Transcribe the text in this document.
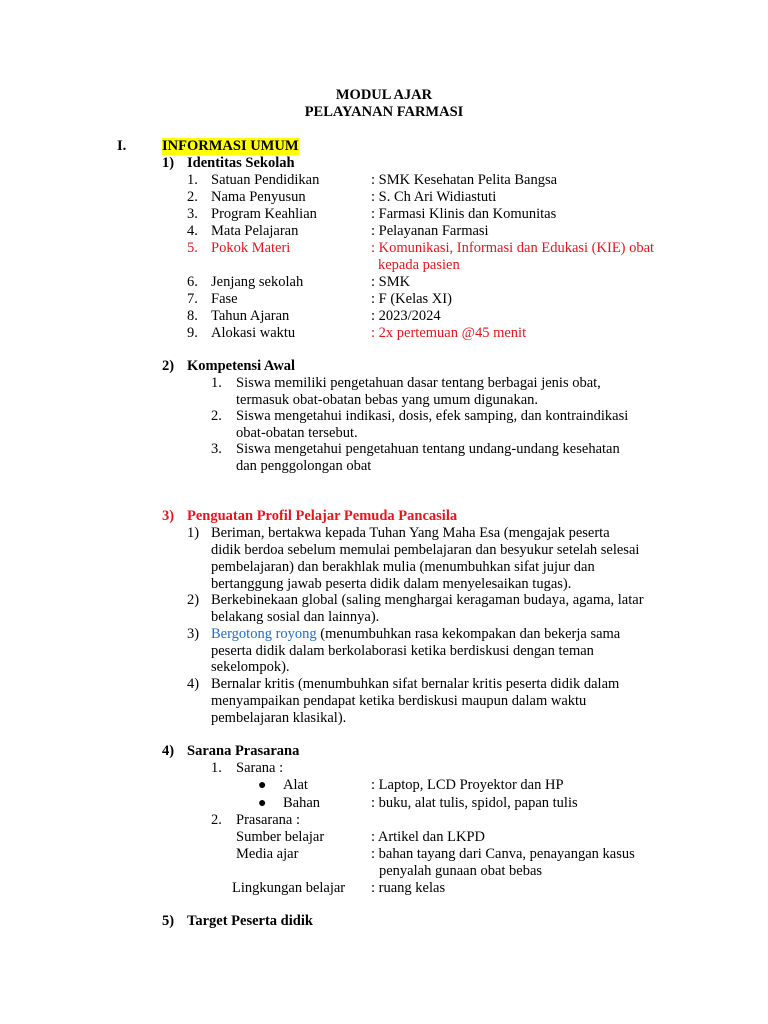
MODUL AJAR
PELAYANAN FARMASI
I. INFORMASI UMUM
1) Identitas Sekolah
1. Satuan Pendidikan	: SMK Kesehatan Pelita Bangsa
2. Nama Penyusun	: S. Ch Ari Widiastuti
3. Program Keahlian	: Farmasi Klinis dan Komunitas
4. Mata Pelajaran	: Pelayanan Farmasi
5. Pokok Materi	: Komunikasi, Informasi dan Edukasi (KIE) obat
kepada pasien
6. Jenjang sekolah	: SMK
7. Fase	: F (Kelas XI)
8. Tahun Ajaran	: 2023/2024
9. Alokasi waktu	: 2x pertemuan @45 menit
2) Kompetensi Awal
1. Siswa memiliki pengetahuan dasar tentang berbagai jenis obat,
termasuk obat-obatan bebas yang umum digunakan.
2. Siswa mengetahui indikasi, dosis, efek samping, dan kontraindikasi
obat-obatan tersebut.
3. Siswa mengetahui pengetahuan tentang undang-undang kesehatan
dan penggolongan obat
3) Penguatan Profil Pelajar Pemuda Pancasila
1) Beriman, bertakwa kepada Tuhan Yang Maha Esa (mengajak peserta
didik berdoa sebelum memulai pembelajaran dan besyukur setelah selesai
pembelajaran) dan berakhlak mulia (menumbuhkan sifat jujur dan
bertanggung jawab peserta didik dalam menyelesaikan tugas).
2) Berkebinekaan global (saling menghargai keragaman budaya, agama, latar
belakang sosial dan lainnya).
3) Bergotong royong (menumbuhkan rasa kekompakan dan bekerja sama
peserta didik dalam berkolaborasi ketika berdiskusi dengan teman
sekelompok).
4) Bernalar kritis (menumbuhkan sifat bernalar kritis peserta didik dalam
menyampaikan pendapat ketika berdiskusi maupun dalam waktu
pembelajaran klasikal).
4) Sarana Prasarana
1. Sarana :
● Alat	: Laptop, LCD Proyektor dan HP
● Bahan	: buku, alat tulis, spidol, papan tulis
2. Prasarana :
Sumber belajar	: Artikel dan LKPD
Media ajar	: bahan tayang dari Canva, penayangan kasus
penyalah gunaan obat bebas
Lingkungan belajar : ruang kelas
5) Target Peserta didik
